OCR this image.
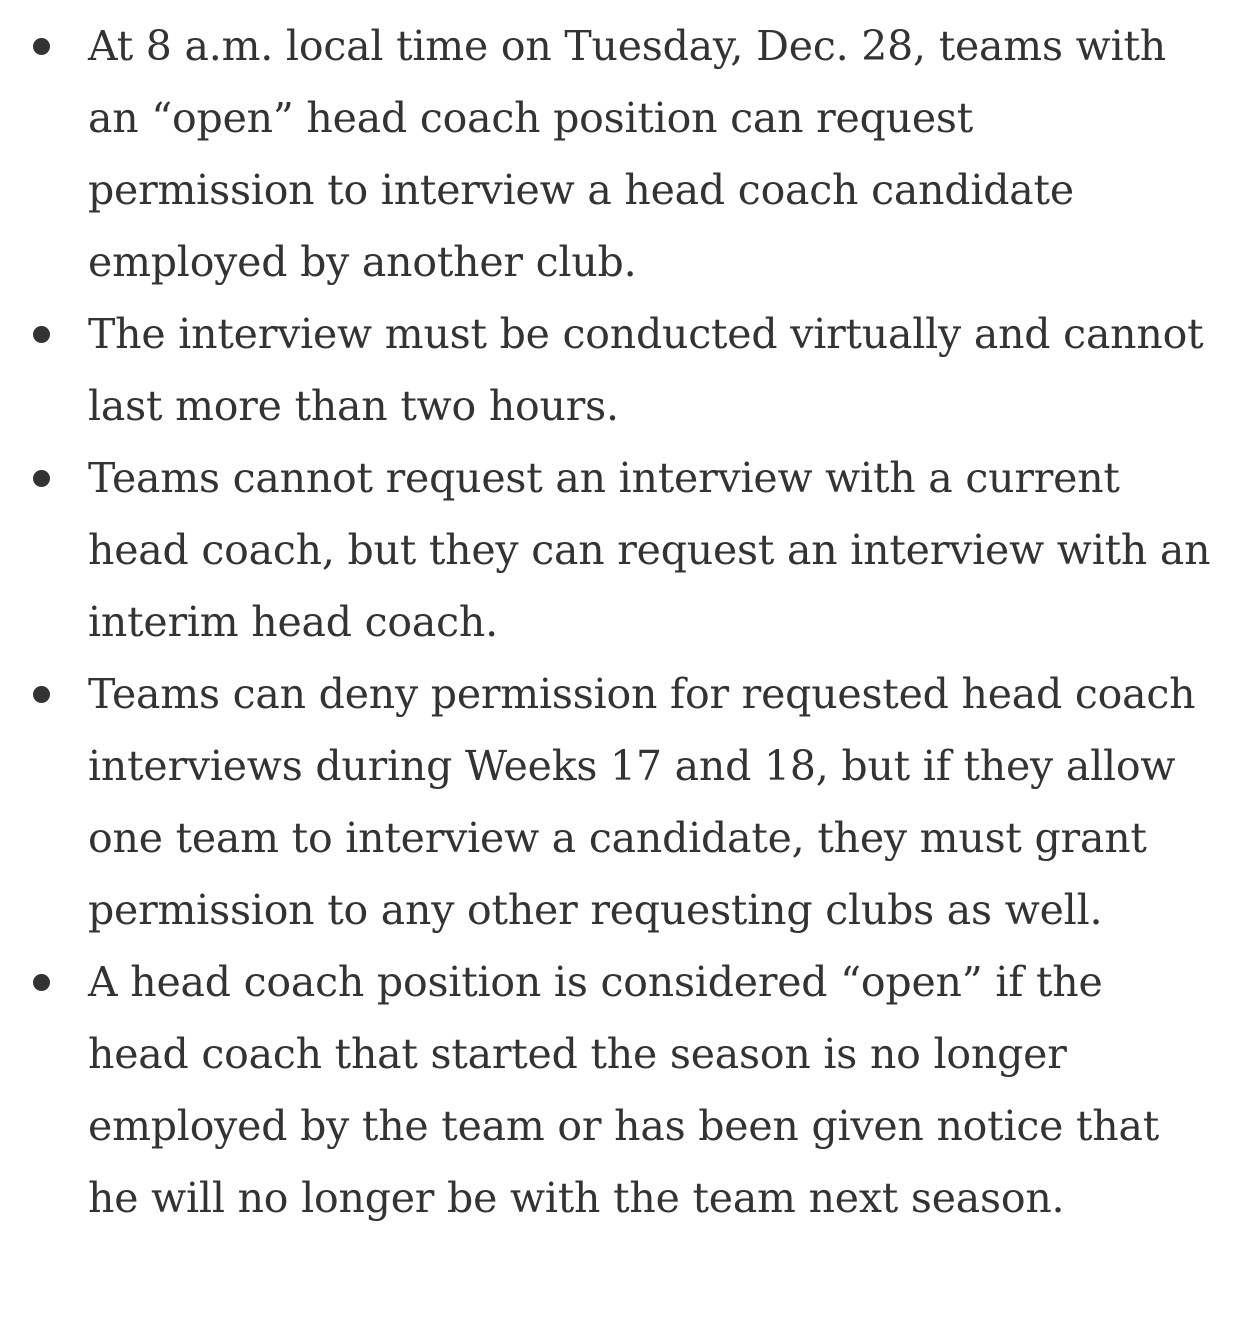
At 8 a.m. local time on Tuesday, Dec. 28, teams with an “open” head coach position can request permission to interview a head coach candidate employed by another club.
The interview must be conducted virtually and cannot last more than two hours.
Teams cannot request an interview with a current head coach, but they can request an interview with an interim head coach.
Teams can deny permission for requested head coach interviews during Weeks 17 and 18, but if they allow one team to interview a candidate, they must grant permission to any other requesting clubs as well.
A head coach position is considered “open” if the head coach that started the season is no longer employed by the team or has been given notice that he will no longer be with the team next season.
